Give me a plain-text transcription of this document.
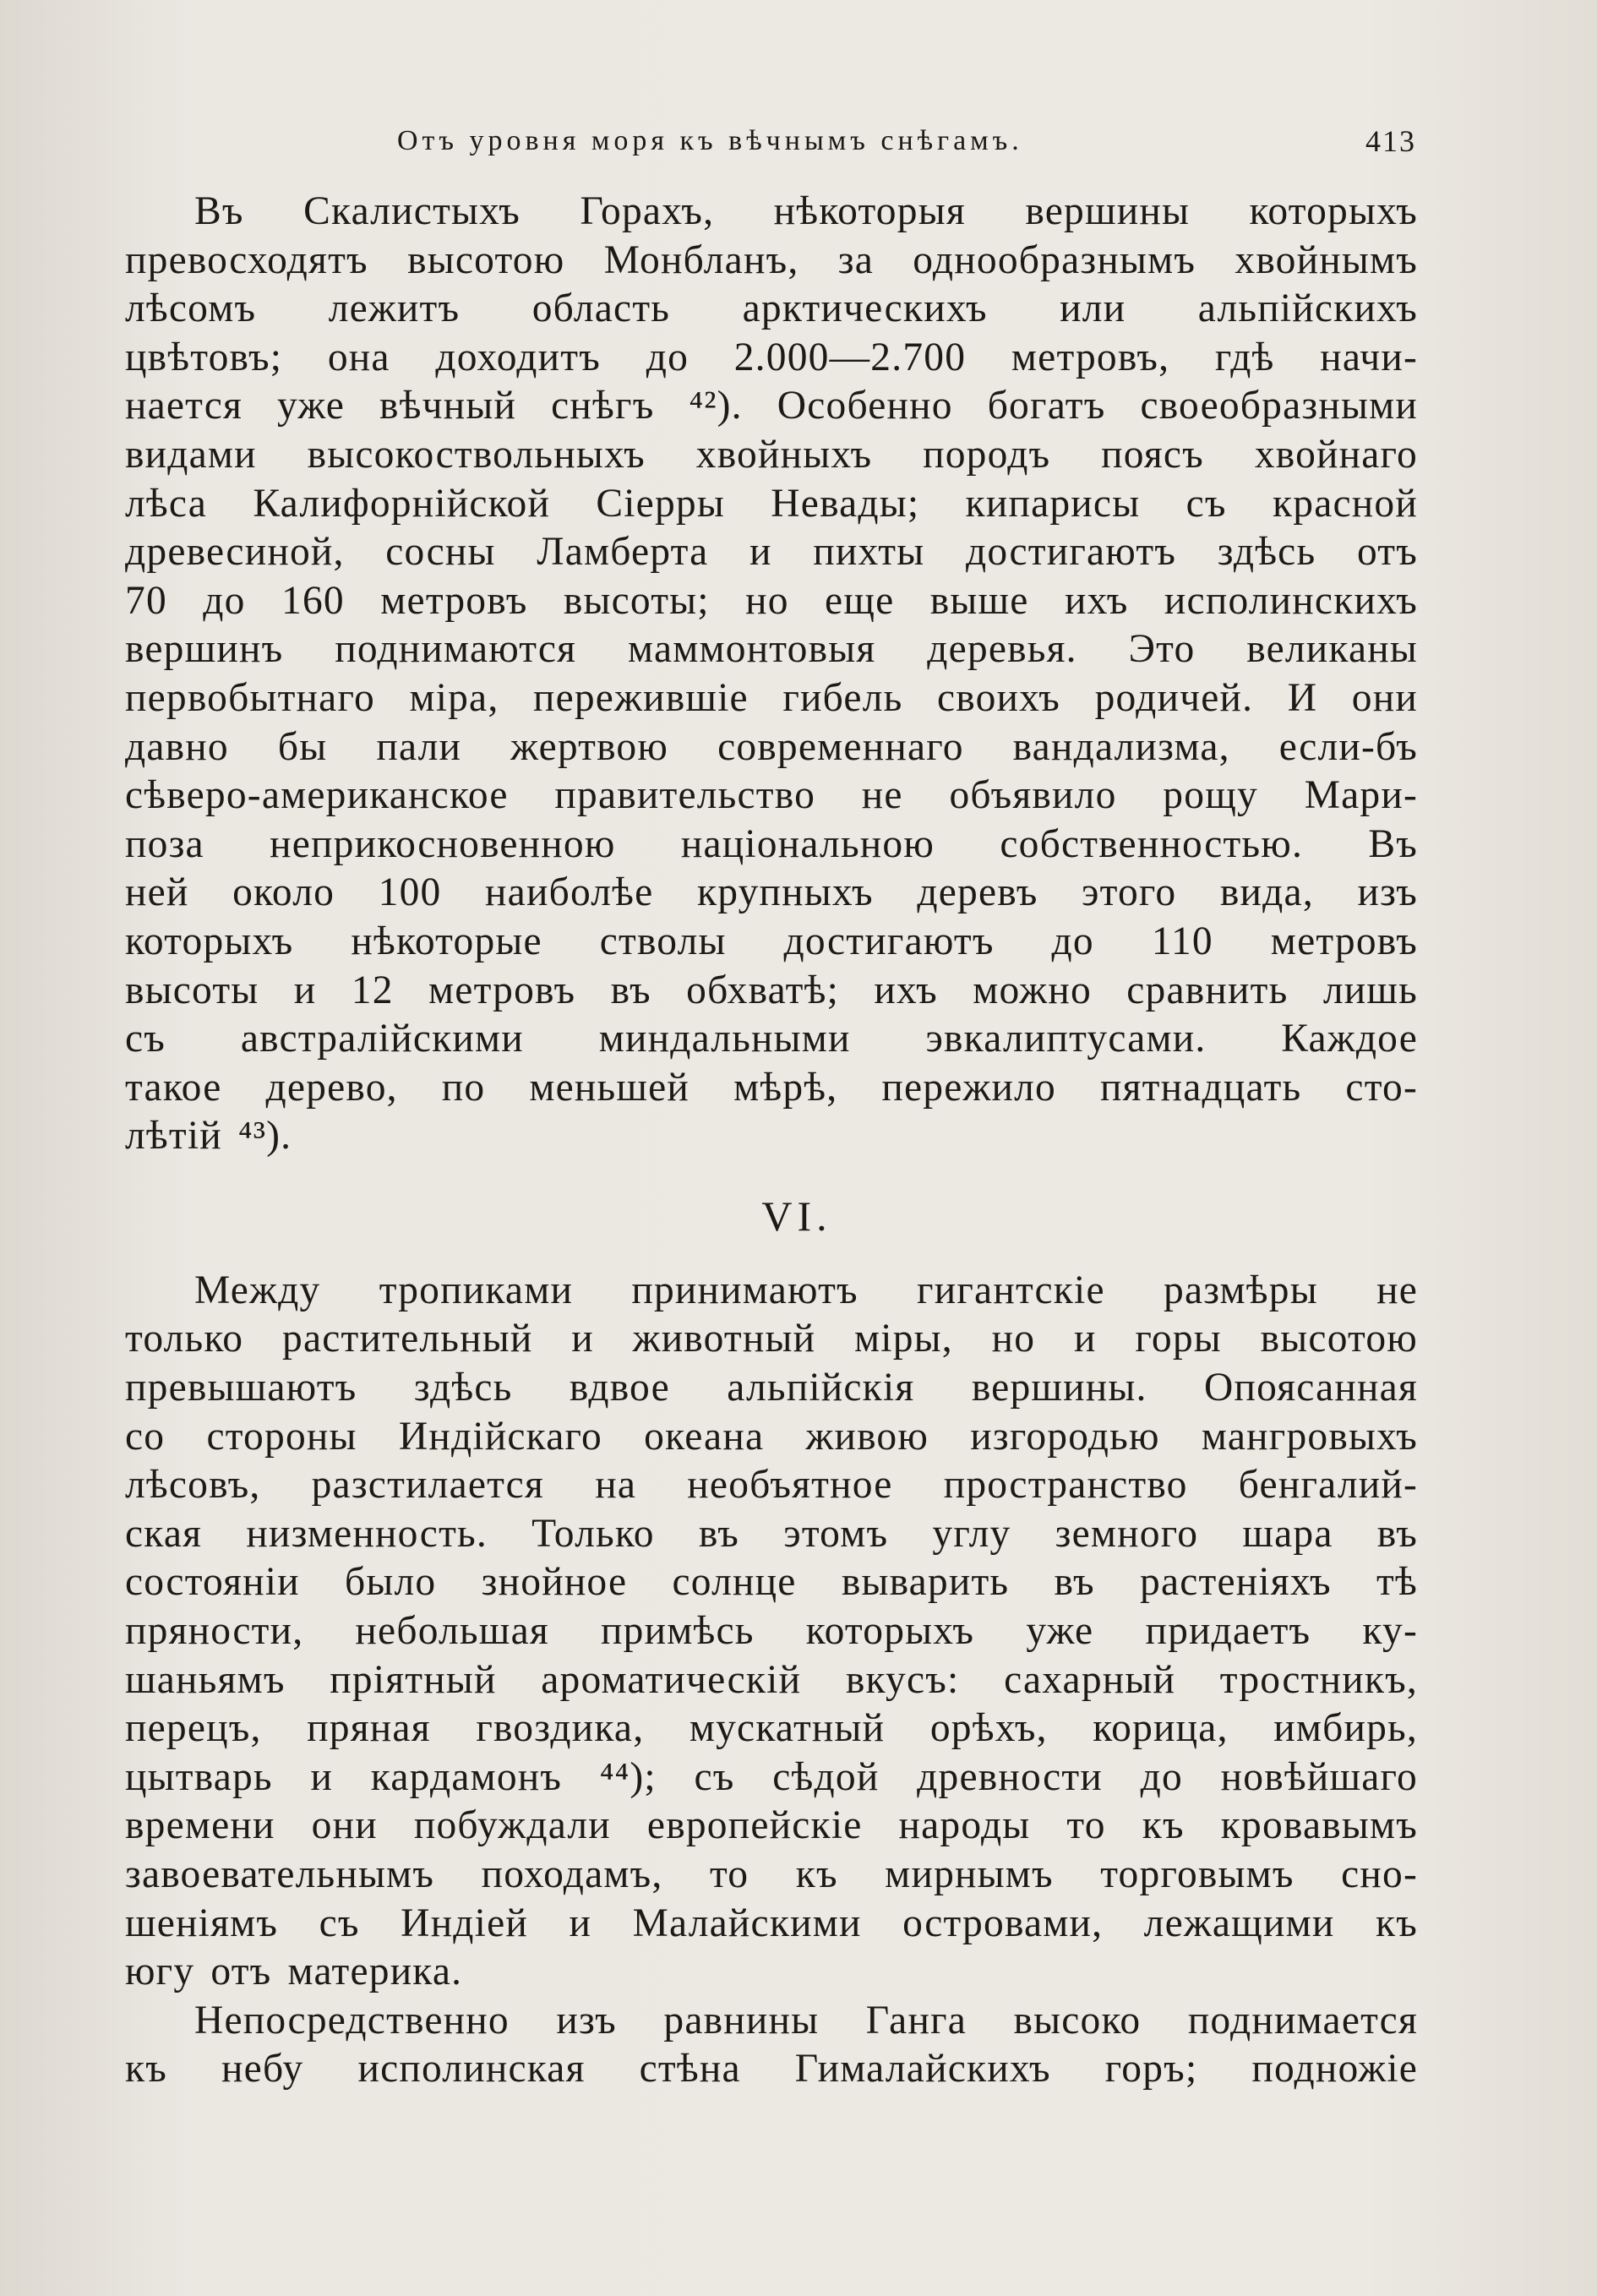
Отъ уровня моря къ вѣчнымъ снѣгамъ.	413
Въ Скалистыхъ Горахъ, нѣкоторыя вершины которыхъ
превосходятъ высотою Монбланъ, за однообразнымъ хвойнымъ
лѣсомъ лежитъ область арктическихъ или альпійскихъ
цвѣтовъ; она доходитъ до 2.000—2.700 метровъ, гдѣ начи-
нается уже вѣчный снѣгъ ⁴²). Особенно богатъ своеобразными
видами высокоствольныхъ хвойныхъ породъ поясъ хвойнаго
лѣса Калифорнійской Сіерры Невады; кипарисы съ красной
древесиной, сосны Ламберта и пихты достигаютъ здѣсь отъ
70 до 160 метровъ высоты; но еще выше ихъ исполинскихъ
вершинъ поднимаются маммонтовыя деревья. Это великаны
первобытнаго міра, пережившіе гибель своихъ родичей. И они
давно бы пали жертвою современнаго вандализма, если-бъ
сѣверо-американское правительство не объявило рощу Мари-
поза неприкосновенною національною собственностью. Въ
ней около 100 наиболѣе крупныхъ деревъ этого вида, изъ
которыхъ нѣкоторые стволы достигаютъ до 110 метровъ
высоты и 12 метровъ въ обхватѣ; ихъ можно сравнить лишь
съ австралійскими миндальными эвкалиптусами. Каждое
такое дерево, по меньшей мѣрѣ, пережило пятнадцать сто-
лѣтій ⁴³).
VI.
Между тропиками принимаютъ гигантскіе размѣры не
только растительный и животный міры, но и горы высотою
превышаютъ здѣсь вдвое альпійскія вершины. Опоясанная
со стороны Индійскаго океана живою изгородью мангровыхъ
лѣсовъ, разстилается на необъятное пространство бенгалий-
ская низменность. Только въ этомъ углу земного шара въ
состояніи было знойное солнце выварить въ растеніяхъ тѣ
пряности, небольшая примѣсь которыхъ уже придаетъ ку-
шаньямъ пріятный ароматическій вкусъ: сахарный тростникъ,
перецъ, пряная гвоздика, мускатный орѣхъ, корица, имбирь,
цытварь и кардамонъ ⁴⁴); съ сѣдой древности до новѣйшаго
времени они побуждали европейскіе народы то къ кровавымъ
завоевательнымъ походамъ, то къ мирнымъ торговымъ сно-
шеніямъ съ Индіей и Малайскими островами, лежащими къ
югу отъ материка.
Непосредственно изъ равнины Ганга высоко поднимается
къ небу исполинская стѣна Гималайскихъ горъ; подножіе
